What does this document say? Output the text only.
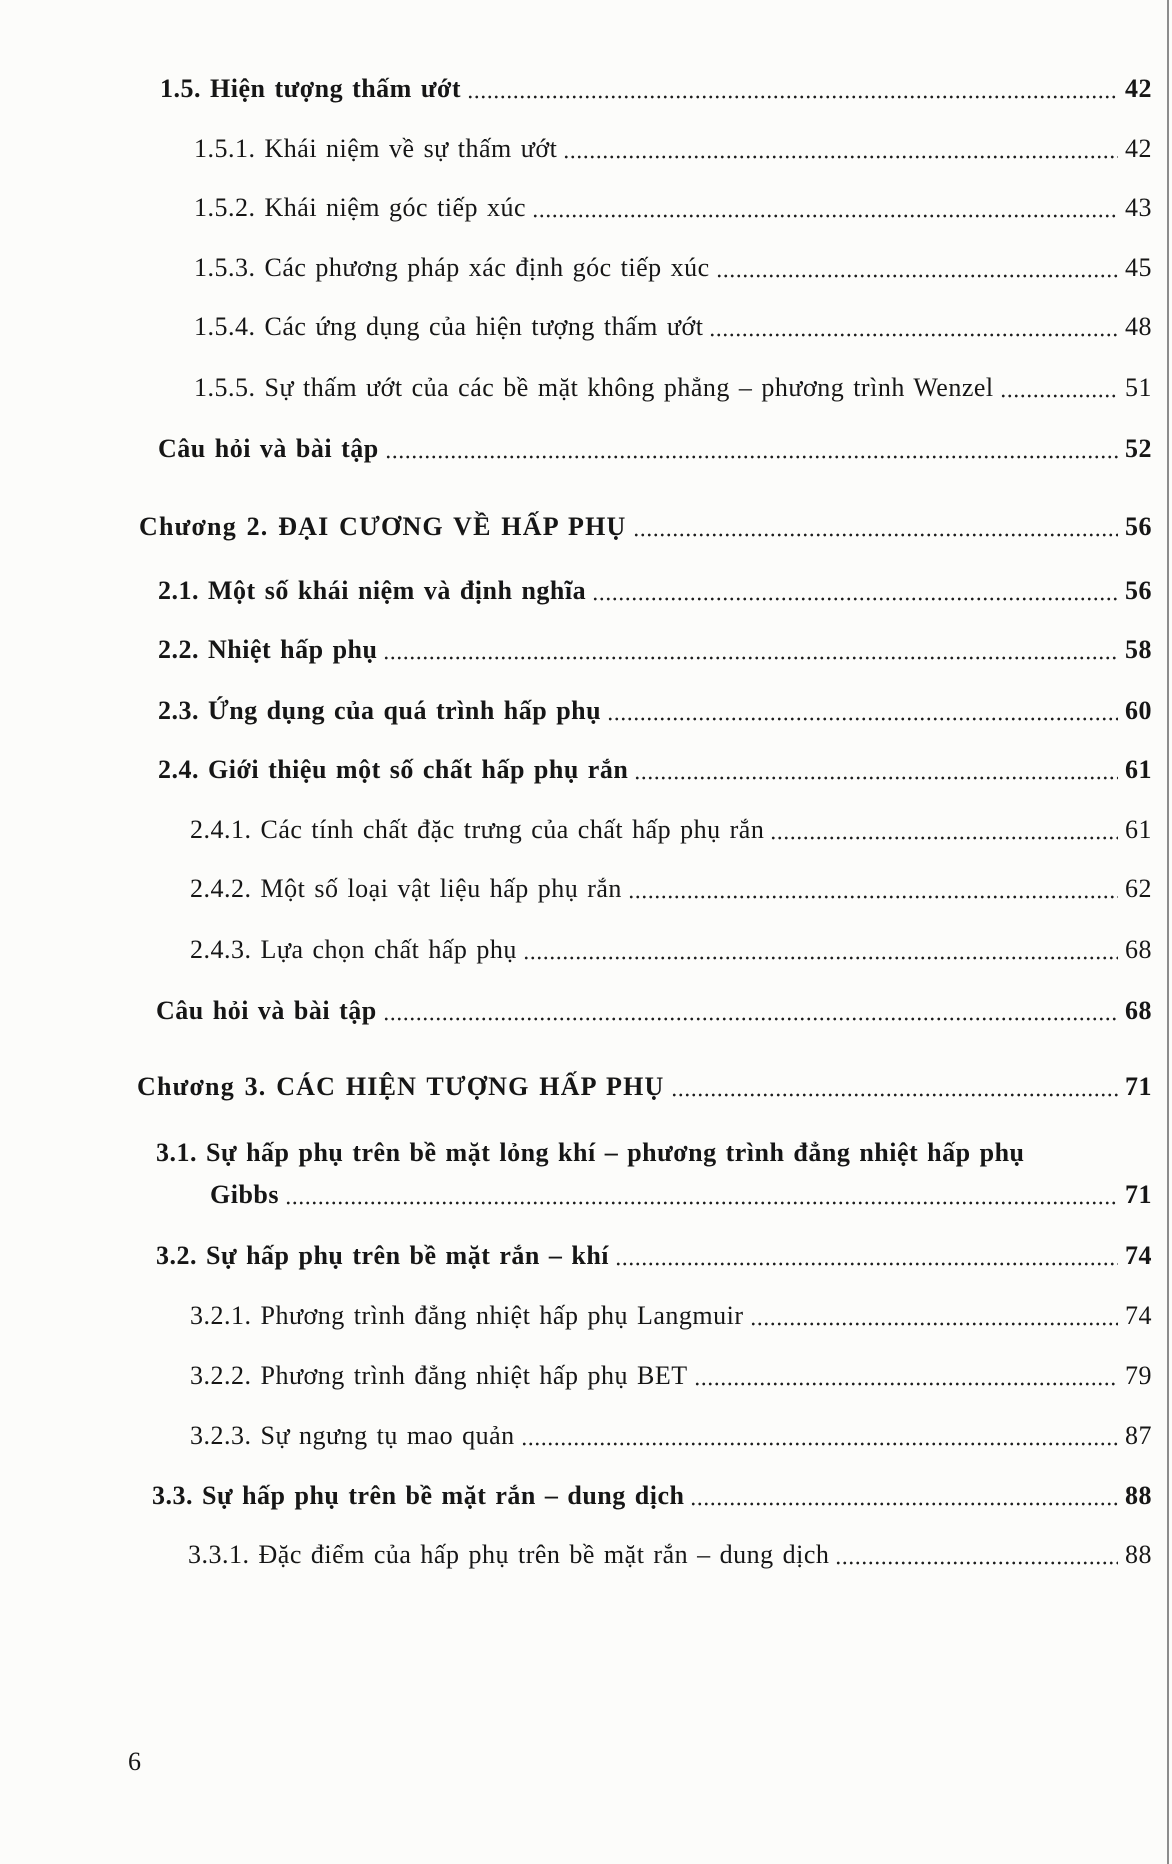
1.5. Hiện tượng thấm ướt	42
1.5.1. Khái niệm về sự thấm ướt	42
1.5.2. Khái niệm góc tiếp xúc	43
1.5.3. Các phương pháp xác định góc tiếp xúc	45
1.5.4. Các ứng dụng của hiện tượng thấm ướt	48
1.5.5. Sự thấm ướt của các bề mặt không phẳng – phương trình Wenzel	51
Câu hỏi và bài tập	52
Chương 2. ĐẠI CƯƠNG VỀ HẤP PHỤ	56
2.1. Một số khái niệm và định nghĩa	56
2.2. Nhiệt hấp phụ	58
2.3. Ứng dụng của quá trình hấp phụ	60
2.4. Giới thiệu một số chất hấp phụ rắn	61
2.4.1. Các tính chất đặc trưng của chất hấp phụ rắn	61
2.4.2. Một số loại vật liệu hấp phụ rắn	62
2.4.3. Lựa chọn chất hấp phụ	68
Câu hỏi và bài tập	68
Chương 3. CÁC HIỆN TƯỢNG HẤP PHỤ	71
3.1. Sự hấp phụ trên bề mặt lỏng khí – phương trình đẳng nhiệt hấp phụ
Gibbs	71
3.2. Sự hấp phụ trên bề mặt rắn – khí	74
3.2.1. Phương trình đẳng nhiệt hấp phụ Langmuir	74
3.2.2. Phương trình đẳng nhiệt hấp phụ BET	79
3.2.3. Sự ngưng tụ mao quản	87
3.3. Sự hấp phụ trên bề mặt rắn – dung dịch	88
3.3.1. Đặc điểm của hấp phụ trên bề mặt rắn – dung dịch	88
6
